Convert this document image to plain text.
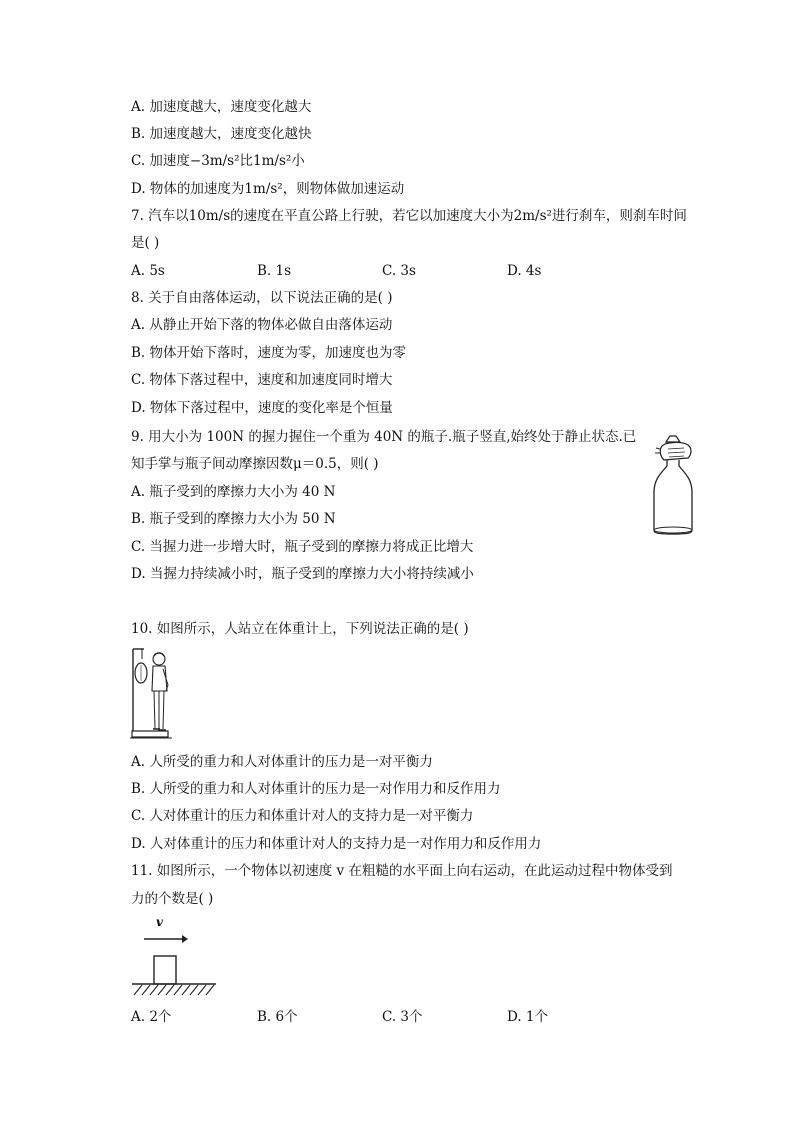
A. 加速度越大，速度变化越大
B. 加速度越大，速度变化越快
C. 加速度−3m/s²比1m/s²小
D. 物体的加速度为1m/s²，则物体做加速运动
7. 汽车以10m/s的速度在平直公路上行驶，若它以加速度大小为2m/s²进行刹车，则刹车时间
是( )
A. 5s	B. 1s	C. 3s	D. 4s
8. 关于自由落体运动，以下说法正确的是( )
A. 从静止开始下落的物体必做自由落体运动
B. 物体开始下落时，速度为零，加速度也为零
C. 物体下落过程中，速度和加速度同时增大
D. 物体下落过程中，速度的变化率是个恒量
9. 用大小为 100N 的握力握住一个重为 40N 的瓶子.瓶子竖直,始终处于静止状态.已
知手掌与瓶子间动摩擦因数μ＝0.5，则( )
A. 瓶子受到的摩擦力大小为 40 N
B. 瓶子受到的摩擦力大小为 50 N
C. 当握力进一步增大时，瓶子受到的摩擦力将成正比增大
D. 当握力持续减小时，瓶子受到的摩擦力大小将持续减小
10. 如图所示，人站立在体重计上，下列说法正确的是( )
A. 人所受的重力和人对体重计的压力是一对平衡力
B. 人所受的重力和人对体重计的压力是一对作用力和反作用力
C. 人对体重计的压力和体重计对人的支持力是一对平衡力
D. 人对体重计的压力和体重计对人的支持力是一对作用力和反作用力
11. 如图所示，一个物体以初速度 v 在粗糙的水平面上向右运动，在此运动过程中物体受到
力的个数是( )
v
A. 2个	B. 6个	C. 3个	D. 1个
